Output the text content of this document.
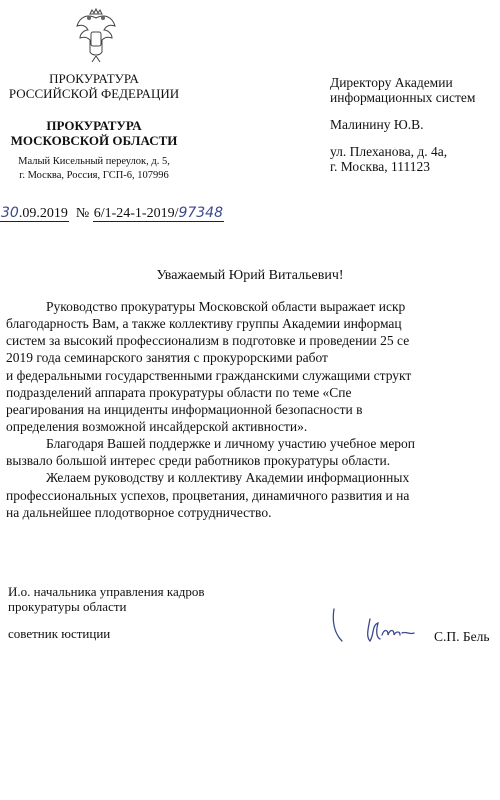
ПРОКУРАТУРА
РОССИЙСКОЙ ФЕДЕРАЦИИ
ПРОКУРАТУРА
МОСКОВСКОЙ ОБЛАСТИ
Малый Кисельный переулок, д. 5,
г. Москва, Россия, ГСП-6, 107996
Директору Академии
информационных систем
Малинину Ю.В.
ул. Плеханова, д. 4а,
г. Москва, 111123
30.09.2019 № 6/1-24-1-2019/97348
Уважаемый Юрий Витальевич!

Руководство прокуратуры Московской области выражает искр

благодарность Вам, а также коллективу группы Академии информац

систем за высокий профессионализм в подготовке и проведении 25 се

2019 года семинарского занятия с прокурорскими работ

и федеральными государственными гражданскими служащими структ

подразделений аппарата прокуратуры области по теме «Спе

реагирования на инциденты информационной безопасности в

определения возможной инсайдерской активности».

Благодаря Вашей поддержке и личному участию учебное мероп

вызвало большой интерес среди работников прокуратуры области.

Желаем руководству и коллективу Академии информационных

профессиональных успехов, процветания, динамичного развития и на

на дальнейшее плодотворное сотрудничество.

И.о. начальника управления кадров
прокуратуры области
советник юстиции	С.П. Бель
